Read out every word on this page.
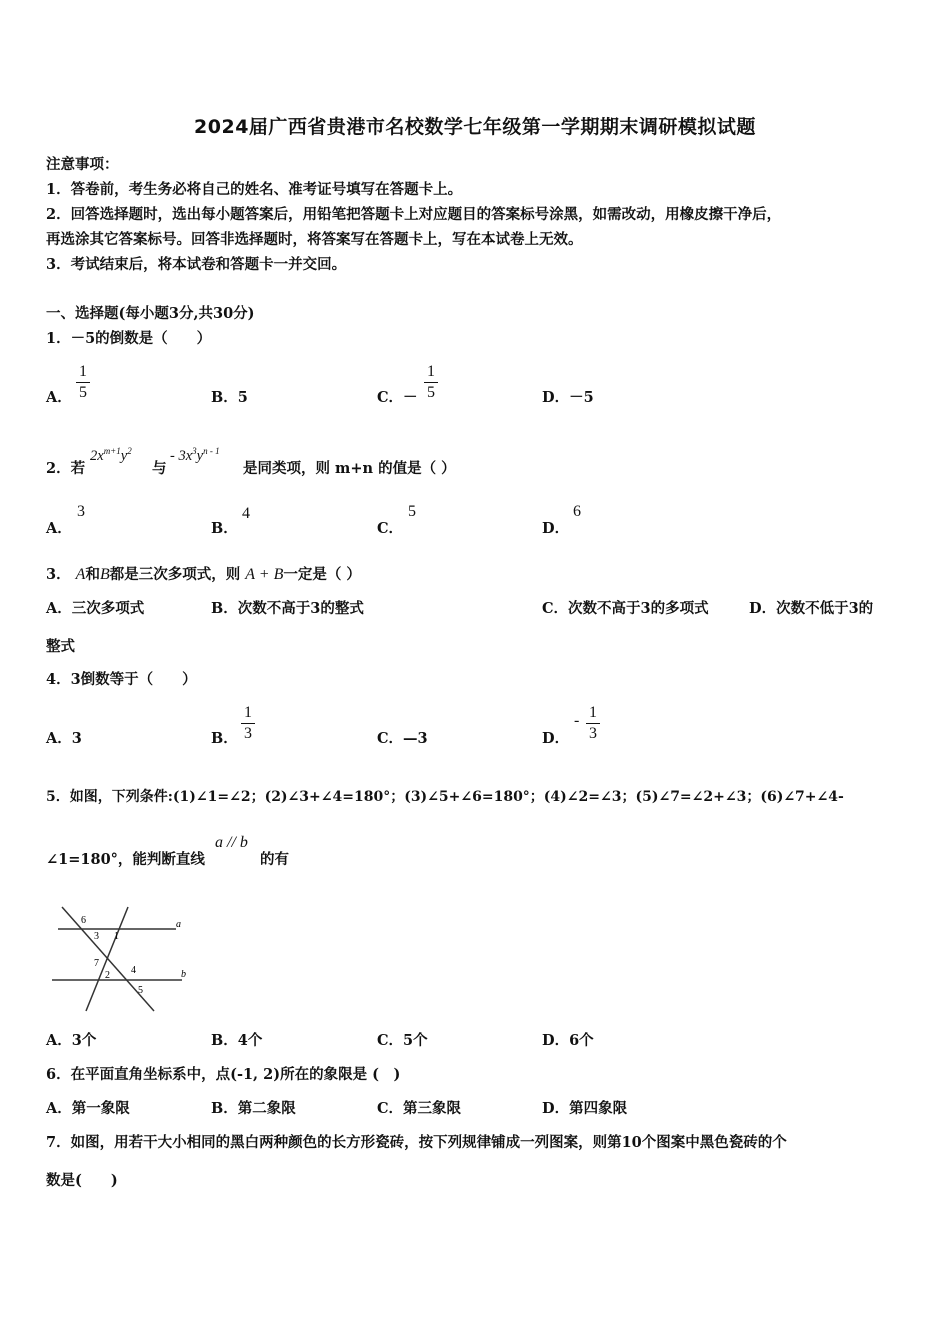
2024届广西省贵港市名校数学七年级第一学期期末调研模拟试题
注意事项：
1．答卷前，考生务必将自己的姓名、准考证号填写在答题卡上。
2．回答选择题时，选出每小题答案后，用铅笔把答题卡上对应题目的答案标号涂黑，如需改动，用橡皮擦干净后，
再选涂其它答案标号。回答非选择题时，将答案写在答题卡上，写在本试卷上无效。
3．考试结束后，将本试卷和答题卡一并交回。
一、选择题(每小题3分,共30分)
1．－5的倒数是（　　）
A．
1
5	B．5	C．－
1
5	D．－5
2．若
$2x^{m+1}y^2$
与
- $3x^3y^{n - 1}$
是同类项，则 m+n 的值是（ ）
A．
3
B．
4
C．
5
D．
6
3． A和B都是三次多项式，则 A + B一定是（ ）
A．三次多项式	B．次数不高于3的整式	C．次数不高于3的多项式	D．次数不低于3的
整式
4．3倒数等于（　　）
A．3	B．
1
3	C．—3	D．
- 1
3
5．如图，下列条件:(1)∠1=∠2；(2)∠3+∠4=180°；(3)∠5+∠6=180°；(4)∠2=∠3；(5)∠7=∠2+∠3；(6)∠7+∠4-
∠1=180°，能判断直线
a // b
的有
6
3 1
a
7
2 4	b
5
A．3个	B．4个	C．5个	D．6个
6．在平面直角坐标系中，点(-1, 2)所在的象限是 (　)
A．第一象限	B．第二象限	C．第三象限	D．第四象限
7．如图，用若干大小相同的黑白两种颜色的长方形瓷砖，按下列规律铺成一列图案，则第10个图案中黑色瓷砖的个
数是(　　)
